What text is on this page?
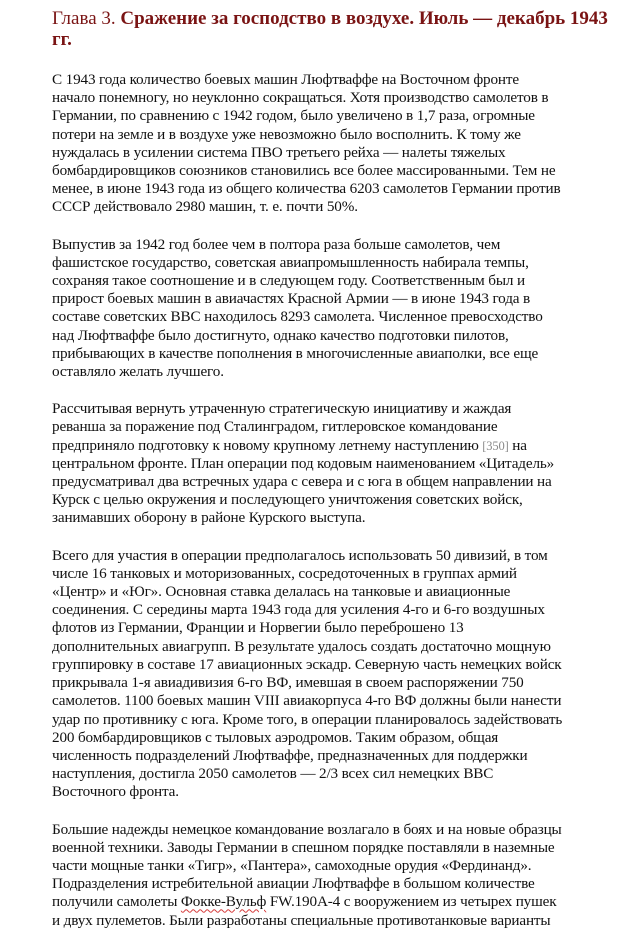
Глава 3. Сражение за господство в воздухе. Июль — декабрь 1943 гг.

С 1943 года количество боевых машин Люфтваффе на Восточном фронте
начало понемногу, но неуклонно сокращаться. Хотя производство самолетов в
Германии, по сравнению с 1942 годом, было увеличено в 1,7 раза, огромные
потери на земле и в воздухе уже невозможно было восполнить. К тому же
нуждалась в усилении система ПВО третьего рейха — налеты тяжелых
бомбардировщиков союзников становились все более массированными. Тем не
менее, в июне 1943 года из общего количества 6203 самолетов Германии против
СССР действовало 2980 машин, т. е. почти 50%.

Выпустив за 1942 год более чем в полтора раза больше самолетов, чем
фашистское государство, советская авиапромышленность набирала темпы,
сохраняя такое соотношение и в следующем году. Соответственным был и
прирост боевых машин в авиачастях Красной Армии — в июне 1943 года в
составе советских ВВС находилось 8293 самолета. Численное превосходство
над Люфтваффе было достигнуто, однако качество подготовки пилотов,
прибывающих в качестве пополнения в многочисленные авиаполки, все еще
оставляло желать лучшего.

Рассчитывая вернуть утраченную стратегическую инициативу и жаждая
реванша за поражение под Сталинградом, гитлеровское командование
предприняло подготовку к новому крупному летнему наступлению [350] на
центральном фронте. План операции под кодовым наименованием «Цитадель»
предусматривал два встречных удара с севера и с юга в общем направлении на
Курск с целью окружения и последующего уничтожения советских войск,
занимавших оборону в районе Курского выступа.

Всего для участия в операции предполагалось использовать 50 дивизий, в том
числе 16 танковых и моторизованных, сосредоточенных в группах армий
«Центр» и «Юг». Основная ставка делалась на танковые и авиационные
соединения. С середины марта 1943 года для усиления 4-го и 6-го воздушных
флотов из Германии, Франции и Норвегии было переброшено 13
дополнительных авиагрупп. В результате удалось создать достаточно мощную
группировку в составе 17 авиационных эскадр. Северную часть немецких войск
прикрывала 1-я авиадивизия 6-го ВФ, имевшая в своем распоряжении 750
самолетов. 1100 боевых машин VIII авиакорпуса 4-го ВФ должны были нанести
удар по противнику с юга. Кроме того, в операции планировалось задействовать
200 бомбардировщиков с тыловых аэродромов. Таким образом, общая
численность подразделений Люфтваффе, предназначенных для поддержки
наступления, достигла 2050 самолетов — 2/3 всех сил немецких ВВС
Восточного фронта.

Большие надежды немецкое командование возлагало в боях и на новые образцы
военной техники. Заводы Германии в спешном порядке поставляли в наземные
части мощные танки «Тигр», «Пантера», самоходные орудия «Фердинанд».
Подразделения истребительной авиации Люфтваффе в большом количестве
получили самолеты Фокке-Вульф FW.190A-4 с вооружением из четырех пушек
и двух пулеметов. Были разработаны специальные противотанковые варианты
